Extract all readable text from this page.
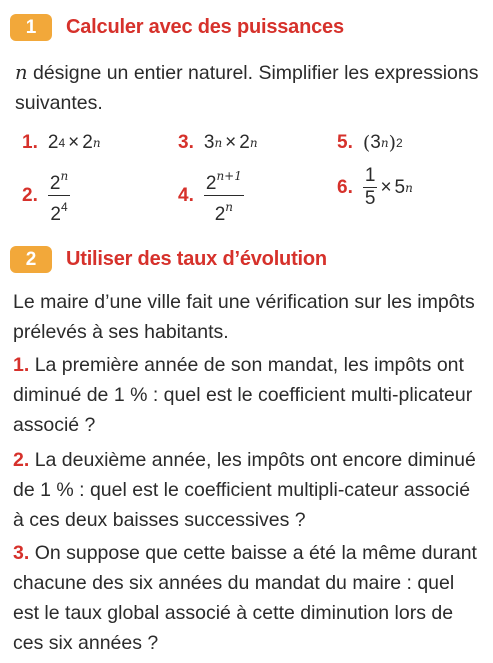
1	Calculer avec des puissances
n désigne un entier naturel. Simplifier les expressions suivantes.
1. 2 4 × 2 n	3. 3 n × 2 n	5. ( 3 n ) 2
2. $\frac{2^n}{2^4}$	4. $\frac{2^{n+1}}{2^n}$	6. $\frac{1}{5} \times 5$ n
2	Utiliser des taux d’évolution
Le maire d’une ville fait une vérification sur les impôts prélevés à ses habitants.
1. La première année de son mandat, les impôts ont diminué de 1 % : quel est le coefficient multi-plicateur associé ?
2. La deuxième année, les impôts ont encore diminué de 1 % : quel est le coefficient multipli-cateur associé à ces deux baisses successives ?
3. On suppose que cette baisse a été la même durant chacune des six années du mandat du maire : quel est le taux global associé à cette diminution lors de ces six années ?
